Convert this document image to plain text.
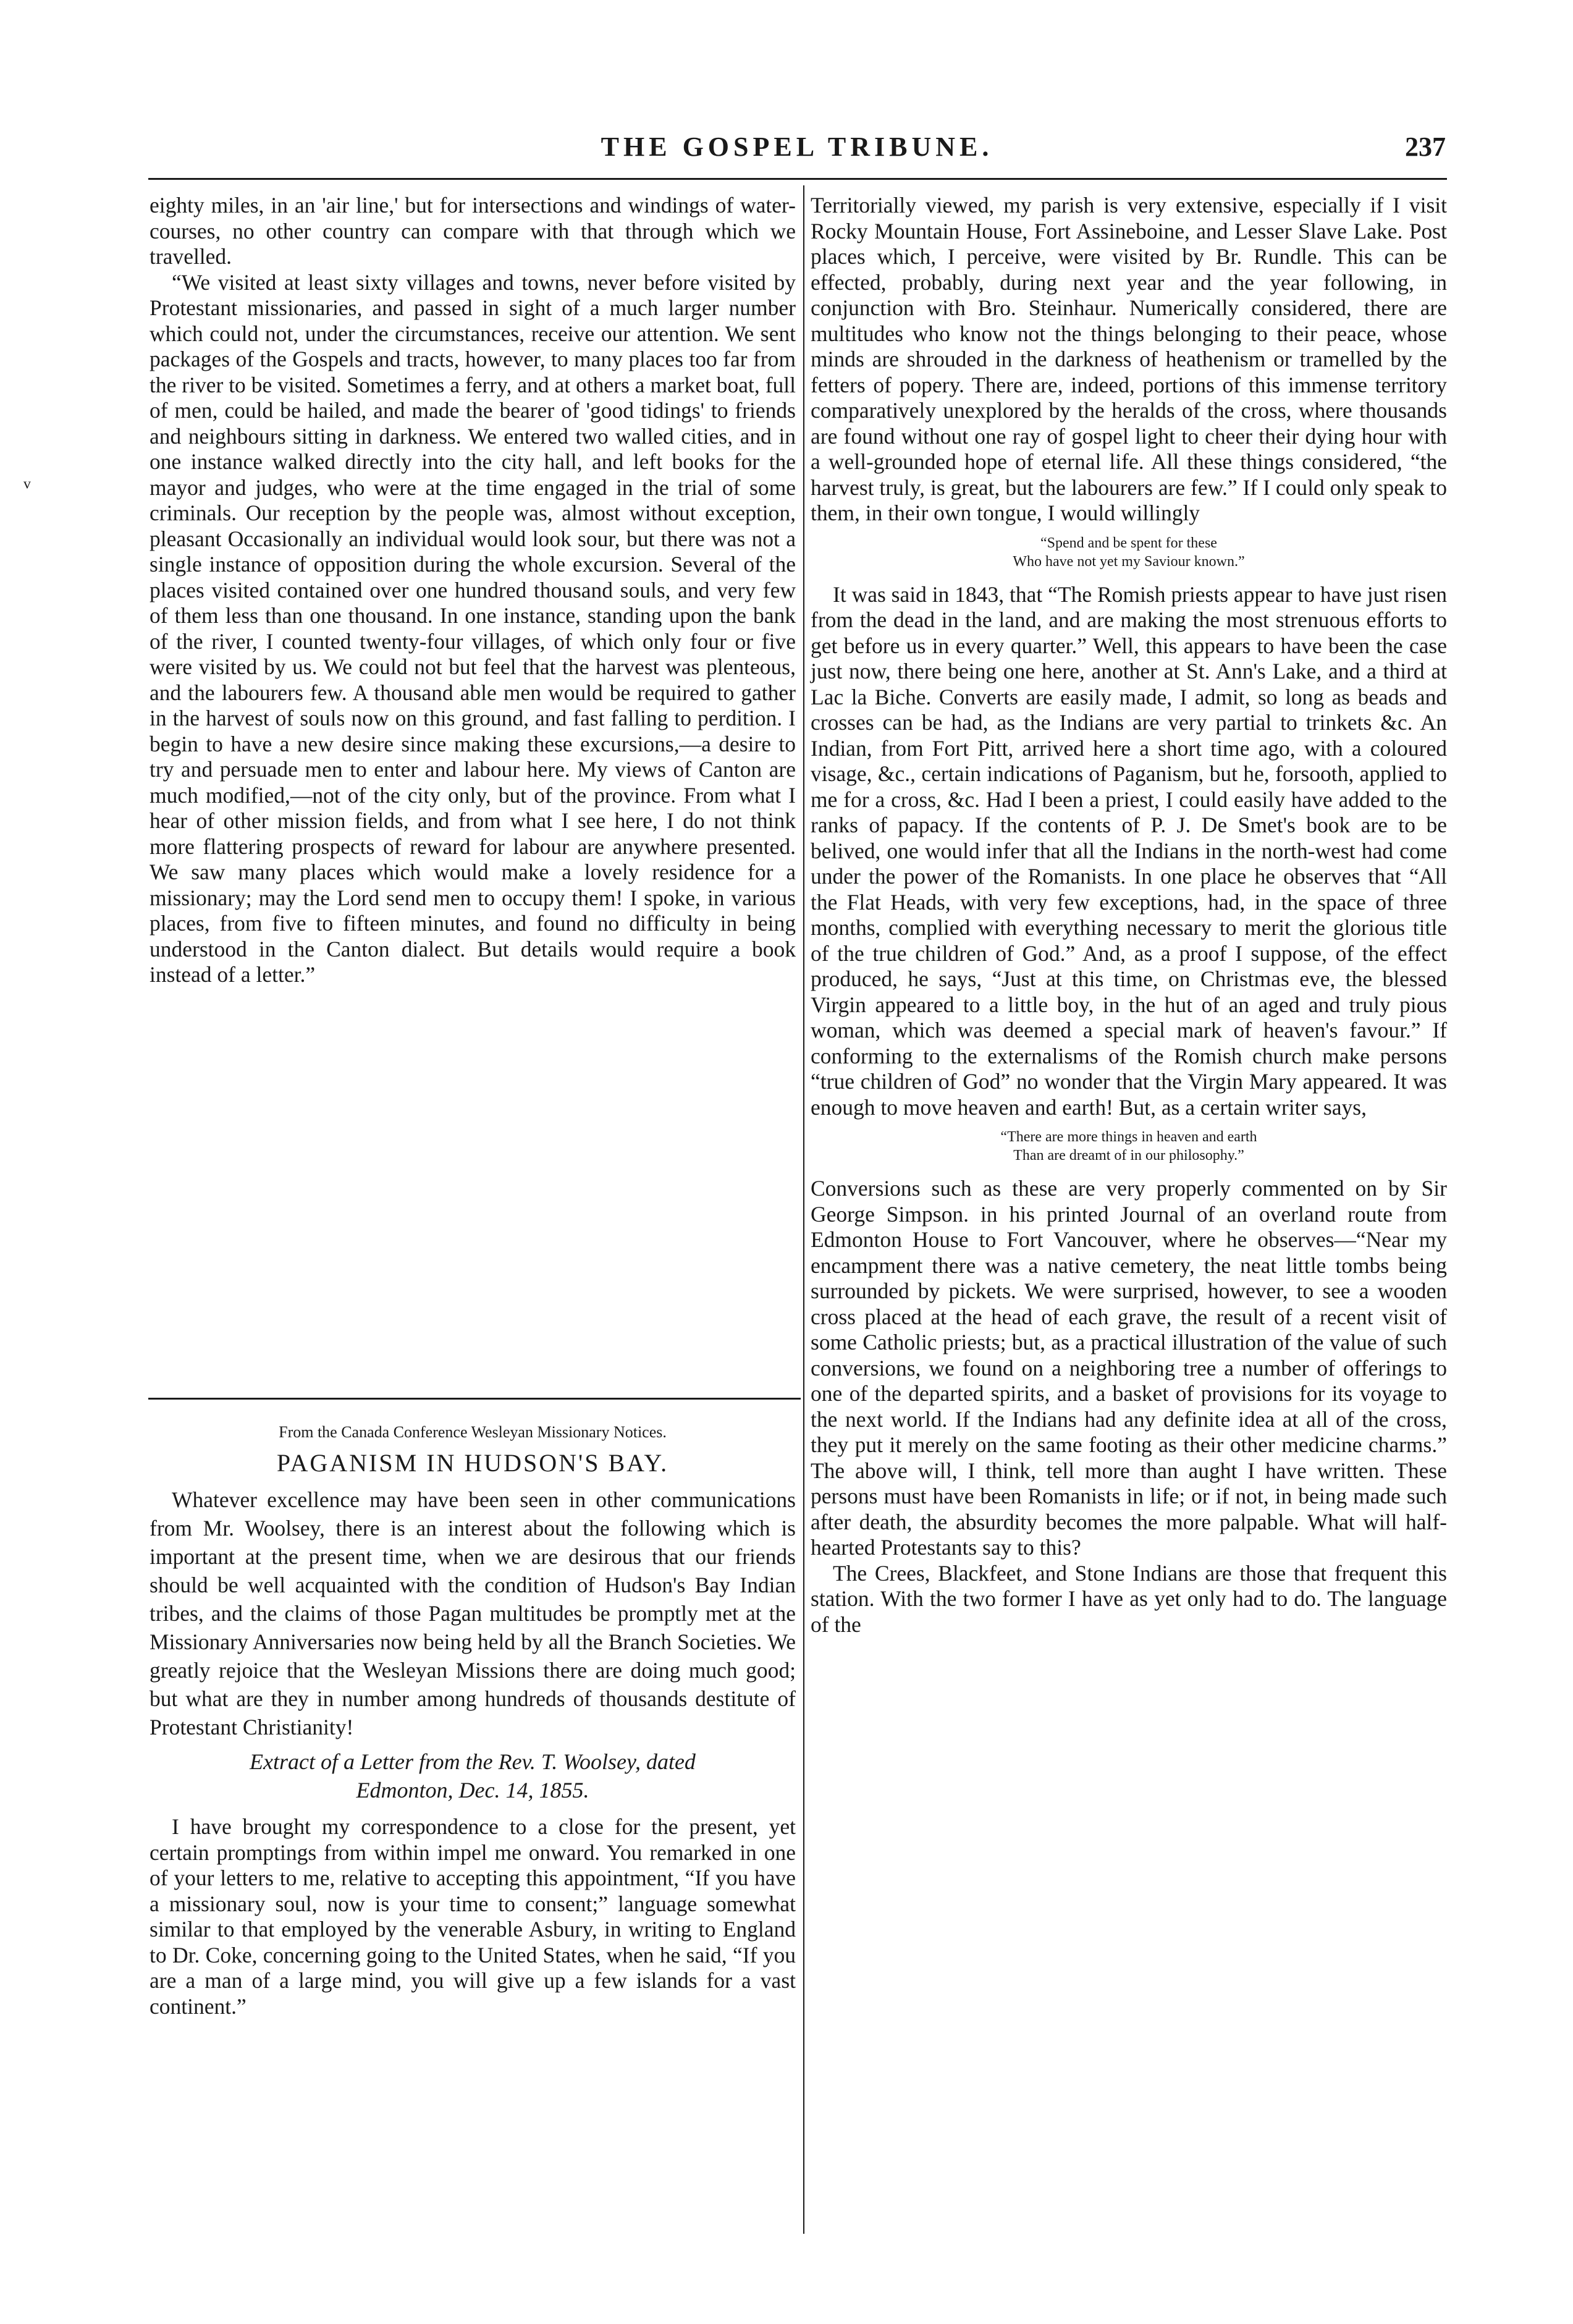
THE GOSPEL TRIBUNE.	237
ᵥ

eighty miles, in an 'air line,' but for intersections and windings of water-courses, no other country can compare with that through which we travelled.

“We visited at least sixty villages and towns, never before visited by Protestant missionaries, and passed in sight of a much larger number which could not, under the circumstances, receive our attention. We sent packages of the Gospels and tracts, however, to many places too far from the river to be visited. Sometimes a ferry, and at others a market boat, full of men, could be hailed, and made the bearer of 'good tidings' to friends and neighbours sitting in darkness. We entered two walled cities, and in one instance walked directly into the city hall, and left books for the mayor and judges, who were at the time engaged in the trial of some criminals. Our reception by the people was, almost without exception, pleasant Occasionally an individual would look sour, but there was not a single instance of opposition during the whole excursion. Several of the places visited contained over one hundred thousand souls, and very few of them less than one thousand. In one instance, standing upon the bank of the river, I counted twenty-four villages, of which only four or five were visited by us. We could not but feel that the harvest was plenteous, and the labourers few. A thousand able men would be required to gather in the harvest of souls now on this ground, and fast falling to perdition. I begin to have a new desire since making these excursions,—a desire to try and persuade men to enter and labour here. My views of Canton are much modified,—not of the city only, but of the province. From what I hear of other mission fields, and from what I see here, I do not think more flattering prospects of reward for labour are anywhere presented. We saw many places which would make a lovely residence for a missionary; may the Lord send men to occupy them! I spoke, in various places, from five to fifteen minutes, and found no difficulty in being understood in the Canton dialect. But details would require a book instead of a letter.”

From the Canada Conference Wesleyan Missionary Notices.

PAGANISM IN HUDSON'S BAY.

Whatever excellence may have been seen in other communications from Mr. Woolsey, there is an interest about the following which is important at the present time, when we are desirous that our friends should be well acquainted with the condition of Hudson's Bay Indian tribes, and the claims of those Pagan multitudes be promptly met at the Missionary Anniversaries now being held by all the Branch Societies. We greatly rejoice that the Wesleyan Missions there are doing much good; but what are they in number among hundreds of thousands destitute of Protestant Christianity!

Extract of a Letter from the Rev. T. Woolsey, dated
Edmonton, Dec. 14, 1855.

I have brought my correspondence to a close for the present, yet certain promptings from within impel me onward. You remarked in one of your letters to me, relative to accepting this appointment, “If you have a missionary soul, now is your time to consent;” language somewhat similar to that employed by the venerable Asbury, in writing to England to Dr. Coke, concerning going to the United States, when he said, “If you are a man of a large mind, you will give up a few islands for a vast continent.”

Territorially viewed, my parish is very extensive, especially if I visit Rocky Mountain House, Fort Assineboine, and Lesser Slave Lake. Post places which, I perceive, were visited by Br. Rundle. This can be effected, probably, during next year and the year following, in conjunction with Bro. Steinhaur. Numerically considered, there are multitudes who know not the things belonging to their peace, whose minds are shrouded in the darkness of heathenism or tramelled by the fetters of popery. There are, indeed, portions of this immense territory comparatively unexplored by the heralds of the cross, where thousands are found without one ray of gospel light to cheer their dying hour with a well-grounded hope of eternal life. All these things considered, “the harvest truly, is great, but the labourers are few.” If I could only speak to them, in their own tongue, I would willingly

“Spend and be spent for these
Who have not yet my Saviour known.”

It was said in 1843, that “The Romish priests appear to have just risen from the dead in the land, and are making the most strenuous efforts to get before us in every quarter.” Well, this appears to have been the case just now, there being one here, another at St. Ann's Lake, and a third at Lac la Biche. Converts are easily made, I admit, so long as beads and crosses can be had, as the Indians are very partial to trinkets &c. An Indian, from Fort Pitt, arrived here a short time ago, with a coloured visage, &c., certain indications of Paganism, but he, forsooth, applied to me for a cross, &c. Had I been a priest, I could easily have added to the ranks of papacy. If the contents of P. J. De Smet's book are to be belived, one would infer that all the Indians in the north-west had come under the power of the Romanists. In one place he observes that “All the Flat Heads, with very few exceptions, had, in the space of three months, complied with everything necessary to merit the glorious title of the true children of God.” And, as a proof I suppose, of the effect produced, he says, “Just at this time, on Christmas eve, the blessed Virgin appeared to a little boy, in the hut of an aged and truly pious woman, which was deemed a special mark of heaven's favour.” If conforming to the externalisms of the Romish church make persons “true children of God” no wonder that the Virgin Mary appeared. It was enough to move heaven and earth! But, as a certain writer says,

“There are more things in heaven and earth
Than are dreamt of in our philosophy.”

Conversions such as these are very properly commented on by Sir George Simpson. in his printed Journal of an overland route from Edmonton House to Fort Vancouver, where he observes—“Near my encampment there was a native cemetery, the neat little tombs being surrounded by pickets. We were surprised, however, to see a wooden cross placed at the head of each grave, the result of a recent visit of some Catholic priests; but, as a practical illustration of the value of such conversions, we found on a neighboring tree a number of offerings to one of the departed spirits, and a basket of provisions for its voyage to the next world. If the Indians had any definite idea at all of the cross, they put it merely on the same footing as their other medicine charms.” The above will, I think, tell more than aught I have written. These persons must have been Romanists in life; or if not, in being made such after death, the absurdity becomes the more palpable. What will half-hearted Protestants say to this?

The Crees, Blackfeet, and Stone Indians are those that frequent this station. With the two former I have as yet only had to do. The language of the
